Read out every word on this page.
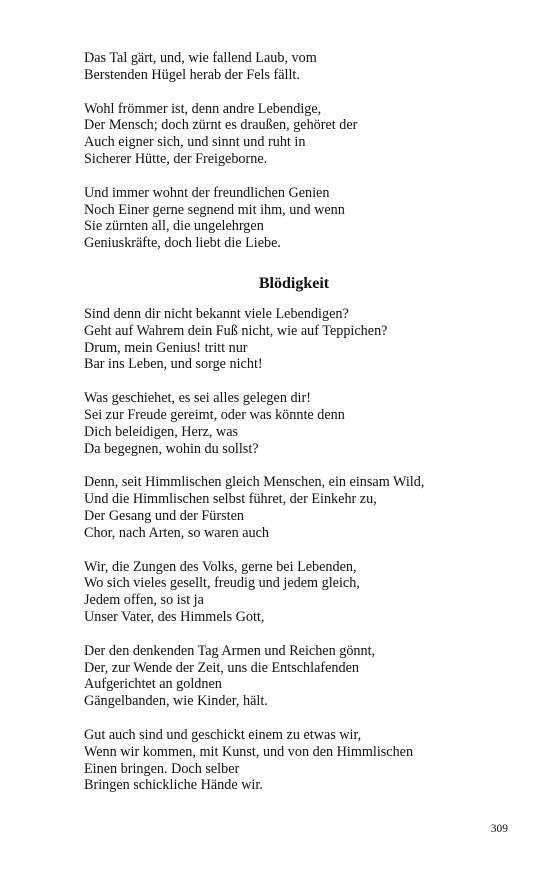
Das Tal gärt, und, wie fallend Laub, vom
Berstenden Hügel herab der Fels fällt.
Wohl frömmer ist, denn andre Lebendige,
Der Mensch; doch zürnt es draußen, gehöret der
Auch eigner sich, und sinnt und ruht in
Sicherer Hütte, der Freigeborne.
Und immer wohnt der freundlichen Genien
Noch Einer gerne segnend mit ihm, und wenn
Sie zürnten all, die ungelehrgen
Geniuskräfte, doch liebt die Liebe.
Blödigkeit
Sind denn dir nicht bekannt viele Lebendigen?
Geht auf Wahrem dein Fuß nicht, wie auf Teppichen?
Drum, mein Genius! tritt nur
Bar ins Leben, und sorge nicht!
Was geschiehet, es sei alles gelegen dir!
Sei zur Freude gereimt, oder was könnte denn
Dich beleidigen, Herz, was
Da begegnen, wohin du sollst?
Denn, seit Himmlischen gleich Menschen, ein einsam Wild,
Und die Himmlischen selbst führet, der Einkehr zu,
Der Gesang und der Fürsten
Chor, nach Arten, so waren auch
Wir, die Zungen des Volks, gerne bei Lebenden,
Wo sich vieles gesellt, freudig und jedem gleich,
Jedem offen, so ist ja
Unser Vater, des Himmels Gott,
Der den denkenden Tag Armen und Reichen gönnt,
Der, zur Wende der Zeit, uns die Entschlafenden
Aufgerichtet an goldnen
Gängelbanden, wie Kinder, hält.
Gut auch sind und geschickt einem zu etwas wir,
Wenn wir kommen, mit Kunst, und von den Himmlischen
Einen bringen. Doch selber
Bringen schickliche Hände wir.
309
